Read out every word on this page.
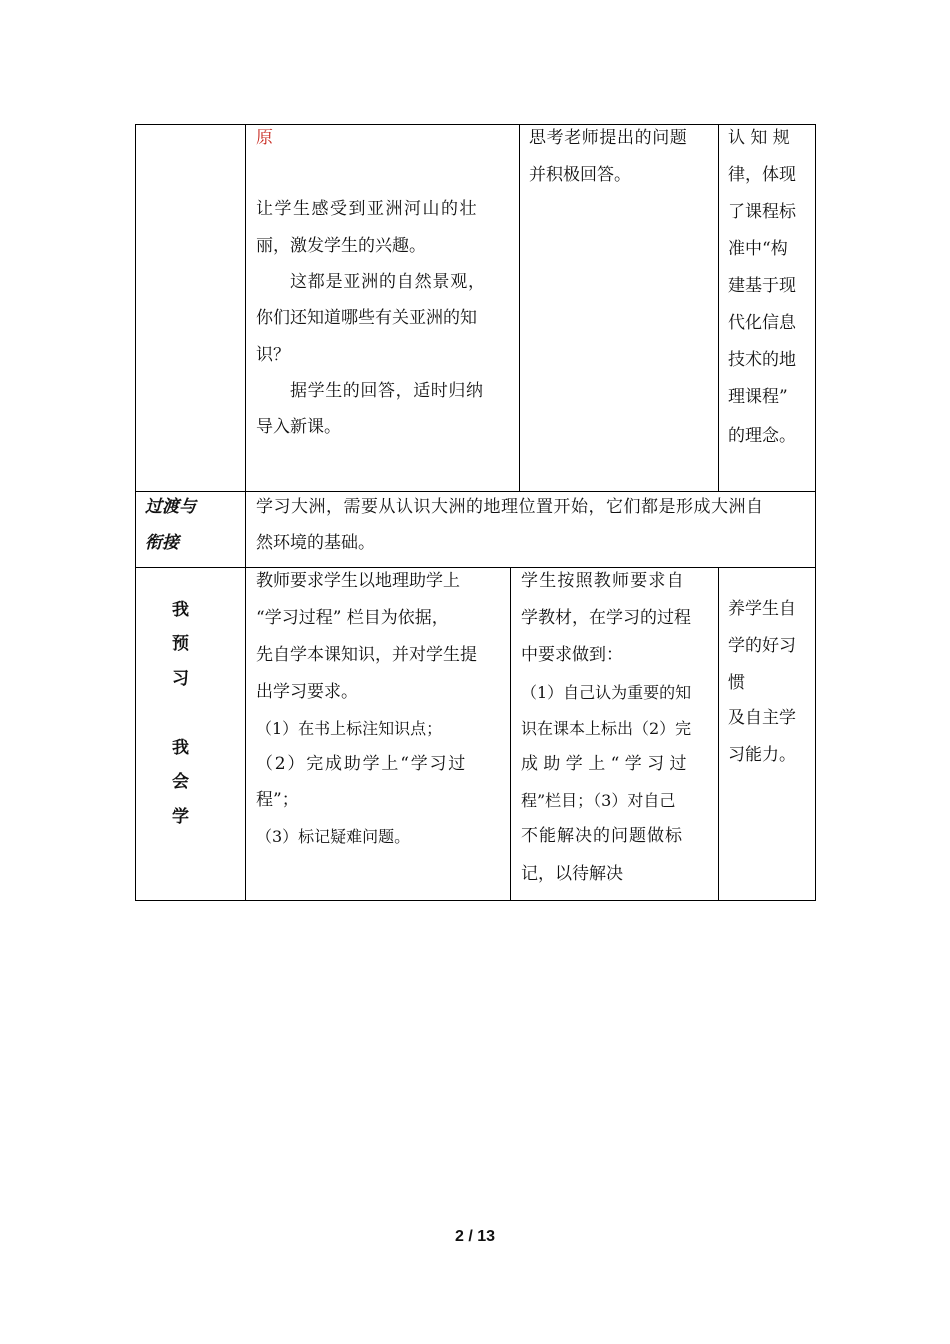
原
让学生感受到亚洲河山的壮
丽，激发学生的兴趣。
这都是亚洲的自然景观，
你们还知道哪些有关亚洲的知
识？
据学生的回答，适时归纳
导入新课。
思考老师提出的问题
并积极回答。
认 知 规
律，体现
了课程标
准中“构
建基于现
代化信息
技术的地
理课程”
的理念。
过渡与
衔接
学习大洲，需要从认识大洲的地理位置开始，它们都是形成大洲自
然环境的基础。
我
预
习
我
会
学
教师要求学生以地理助学上
“学习过程” 栏目为依据，
先自学本课知识，并对学生提
出学习要求。
（1）在书上标注知识点；
（2）完成助学上“学习过
程”；
（3）标记疑难问题。
学生按照教师要求自
学教材，在学习的过程
中要求做到：
（1）自己认为重要的知
识在课本上标出（2）完
成 助 学 上 “ 学 习 过
程”栏目；（3）对自己
不能解决的问题做标
记，以待解决
养学生自
学的好习
惯
及自主学
习能力。
2 / 13
